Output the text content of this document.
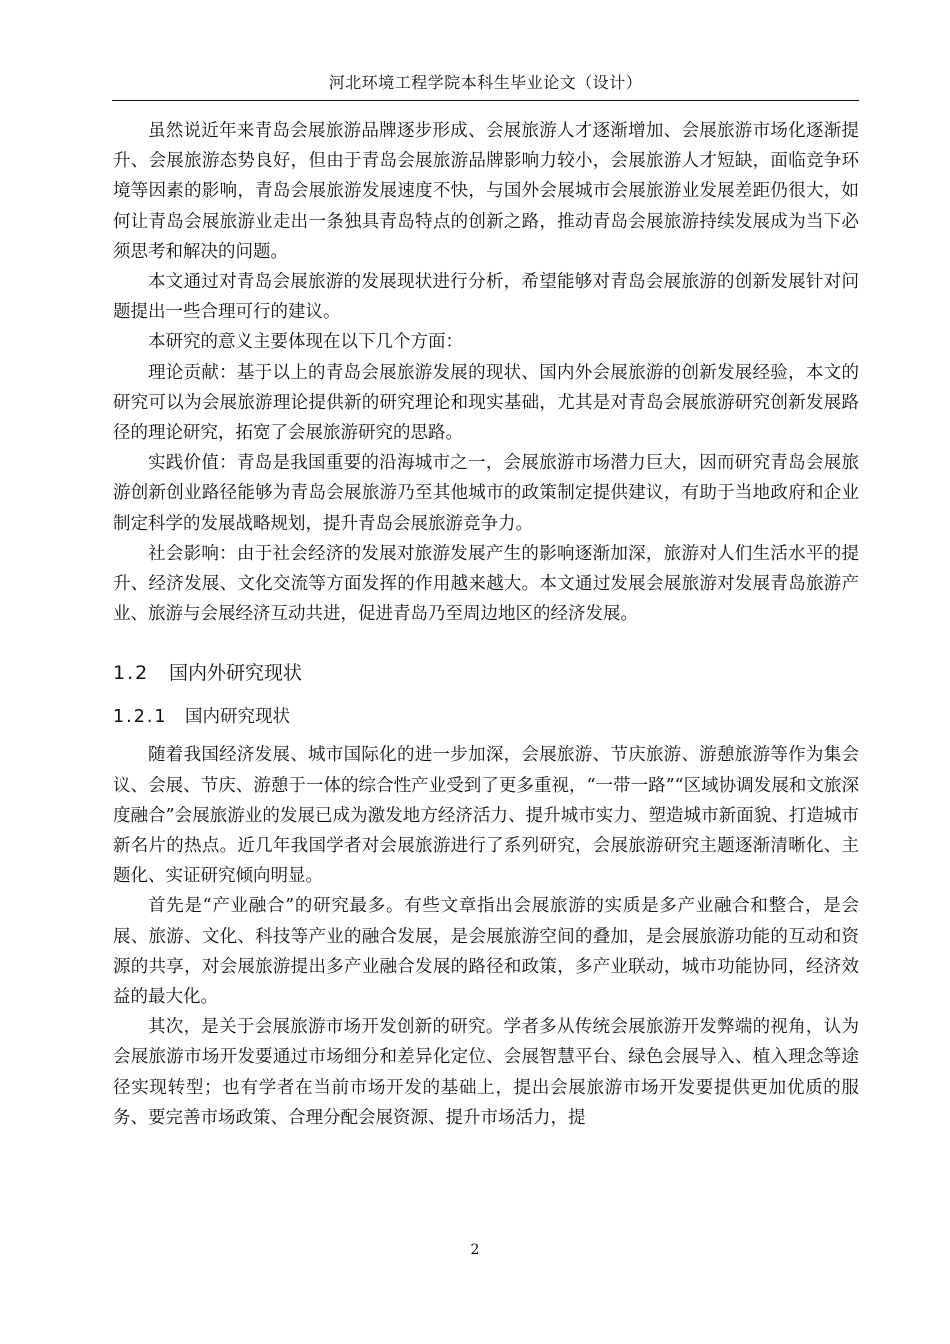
河北环境工程学院本科生毕业论文（设计）

虽然说近年来青岛会展旅游品牌逐步形成、会展旅游人才逐渐增加、会展旅游市场化逐渐提升、会展旅游态势良好，但由于青岛会展旅游品牌影响力较小，会展旅游人才短缺，面临竞争环境等因素的影响，青岛会展旅游发展速度不快，与国外会展城市会展旅游业发展差距仍很大，如何让青岛会展旅游业走出一条独具青岛特点的创新之路，推动青岛会展旅游持续发展成为当下必须思考和解决的问题。

本文通过对青岛会展旅游的发展现状进行分析，希望能够对青岛会展旅游的创新发展针对问题提出一些合理可行的建议。

本研究的意义主要体现在以下几个方面：

理论贡献：基于以上的青岛会展旅游发展的现状、国内外会展旅游的创新发展经验，本文的研究可以为会展旅游理论提供新的研究理论和现实基础，尤其是对青岛会展旅游研究创新发展路径的理论研究，拓宽了会展旅游研究的思路。

实践价值：青岛是我国重要的沿海城市之一，会展旅游市场潜力巨大，因而研究青岛会展旅游创新创业路径能够为青岛会展旅游乃至其他城市的政策制定提供建议，有助于当地政府和企业制定科学的发展战略规划，提升青岛会展旅游竞争力。

社会影响：由于社会经济的发展对旅游发展产生的影响逐渐加深，旅游对人们生活水平的提升、经济发展、文化交流等方面发挥的作用越来越大。本文通过发展会展旅游对发展青岛旅游产业、旅游与会展经济互动共进，促进青岛乃至周边地区的经济发展。

1.2 国内外研究现状
1.2.1 国内研究现状

随着我国经济发展、城市国际化的进一步加深，会展旅游、节庆旅游、游憩旅游等作为集会议、会展、节庆、游憩于一体的综合性产业受到了更多重视，“一带一路”“区域协调发展和文旅深度融合”会展旅游业的发展已成为激发地方经济活力、提升城市实力、塑造城市新面貌、打造城市新名片的热点。近几年我国学者对会展旅游进行了系列研究，会展旅游研究主题逐渐清晰化、主题化、实证研究倾向明显。

首先是“产业融合”的研究最多。有些文章指出会展旅游的实质是多产业融合和整合，是会展、旅游、文化、科技等产业的融合发展，是会展旅游空间的叠加，是会展旅游功能的互动和资源的共享，对会展旅游提出多产业融合发展的路径和政策，多产业联动，城市功能协同，经济效益的最大化。

其次，是关于会展旅游市场开发创新的研究。学者多从传统会展旅游开发弊端的视角，认为会展旅游市场开发要通过市场细分和差异化定位、会展智慧平台、绿色会展导入、植入理念等途径实现转型；也有学者在当前市场开发的基础上，提出会展旅游市场开发要提供更加优质的服务、要完善市场政策、合理分配会展资源、提升市场活力，提

2
